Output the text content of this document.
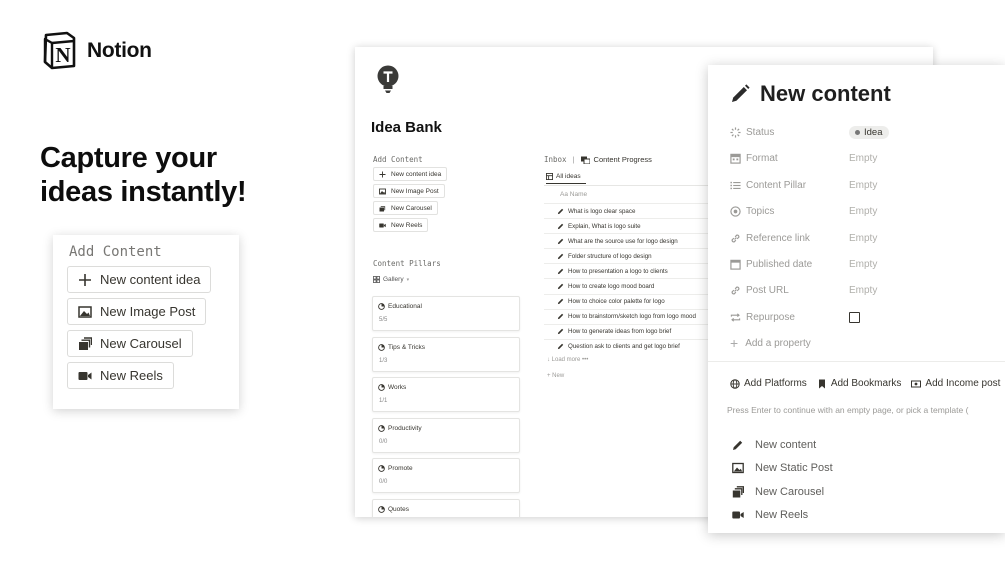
N Notion
Capture your
ideas instantly!
Add Content
New content idea
New Image Post
New Carousel
New Reels
Idea Bank
Add Content
New content idea
New Image Post
New Carousel
New Reels
Content Pillars
Gallery ▾
Educational
5/5
Tips & Tricks
1/3
Works
1/1
Productivity
0/0
Promote
0/0
Quotes
Inbox |	Content Progress
All ideas
Aa Name
What is logo clear space
Explain, What is logo suite
What are the source use for logo design
Folder structure of logo design
How to presentation a logo to clients
How to create logo mood board
How to choice color palette for logo
How to brainstorm/sketch logo from logo mood
How to generate ideas from logo brief
Question ask to clients and get logo brief
↓ Load more •••
+ New
New content
Status	Idea
Format	Empty
Content Pillar	Empty
Topics	Empty
Reference link	Empty
Published date	Empty
Post URL	Empty
Repurpose
+ Add a property
Add Platforms Add Bookmarks Add Income post
Press Enter to continue with an empty page, or pick a template (
New content
New Static Post
New Carousel
New Reels
